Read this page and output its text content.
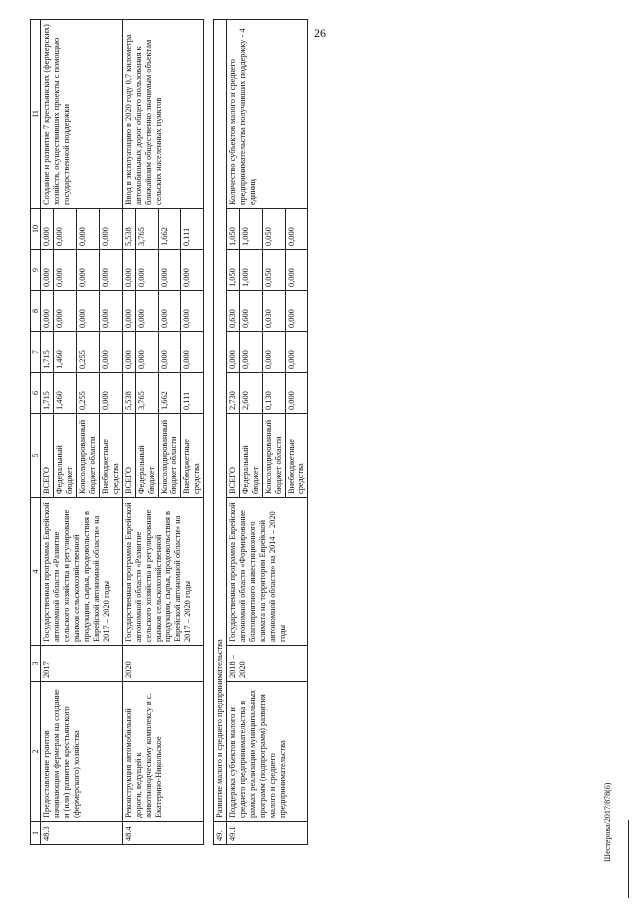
26
1	2	3	4	5	6	7	8	9	10	11
48.3	Предоставление грантов начинающим фермерам на создание и (или) развитие крестьянского (фермерского) хозяйства	2017	Государственная программа Еврейской автономной области «Развитие сельского хозяйства и регулирование рынков сельскохозяйственной продукции, сырья, продовольствия в Еврейской автономной области» на 2017 – 2020 годы	ВСЕГО	1,715	1,715	0,000	0,000	0,000	Создание и развитие 7 крестьянских (фермерских) хозяйств, осуществивших проекты с помощью государственной поддержки
				Федеральный бюджет	1,460	1,460	0,000	0,000	0,000	
				Консолидированный бюджет области	0,255	0,255	0,000	0,000	0,000	
				Внебюджетные средства	0,000	0,000	0,000	0,000	0,000	
48.4	Реконструкция автомобильной дороги, ведущей к животноводческому комплексу в с. Екатерино-Никольское	2020	Государственная программа Еврейской автономной области «Развитие сельского хозяйства и регулирование рынков сельскохозяйственной продукции, сырья, продовольствия в Еврейской автономной области» на 2017 – 2020 годы	ВСЕГО	5,538	0,000	0,000	0,000	5,538	Ввод в эксплуатацию в 2020 году 0,7 километра автомобильных дорог общего пользования к ближайшим общественно значимым объектам сельских населенных пунктов
				Федеральный бюджет	3,765	0,000	0,000	0,000	3,765	
				Консолидированный бюджет области	1,662	0,000	0,000	0,000	1,662	
				Внебюджетные средства	0,111	0,000	0,000	0,000	0,111	

49.	Развитие малого и среднего предпринимательства									
49.1	Поддержка субъектов малого и среднего предпринимательства в рамках реализации муниципальных программ (подпрограмм) развития малого и среднего предпринимательства	2018 – 2020	Государственная программа Еврейской автономной области «Формирование благоприятного инвестиционного климата на территории Еврейской автономной области» на 2014 – 2020 годы	ВСЕГО	2,730	0,000	0,630	1,050	1,050	Количество субъектов малого и среднего предпринимательства получивших поддержку - 4 единиц
				Федеральный бюджет	2,600	0,000	0,600	1,000	1,000	
				Консолидированный бюджет области	0,130	0,000	0,030	0,050	0,050	
				Внебюджетные средства	0,000	0,000	0,000	0,000	0,000	
Шестерова/2017/878(6)
